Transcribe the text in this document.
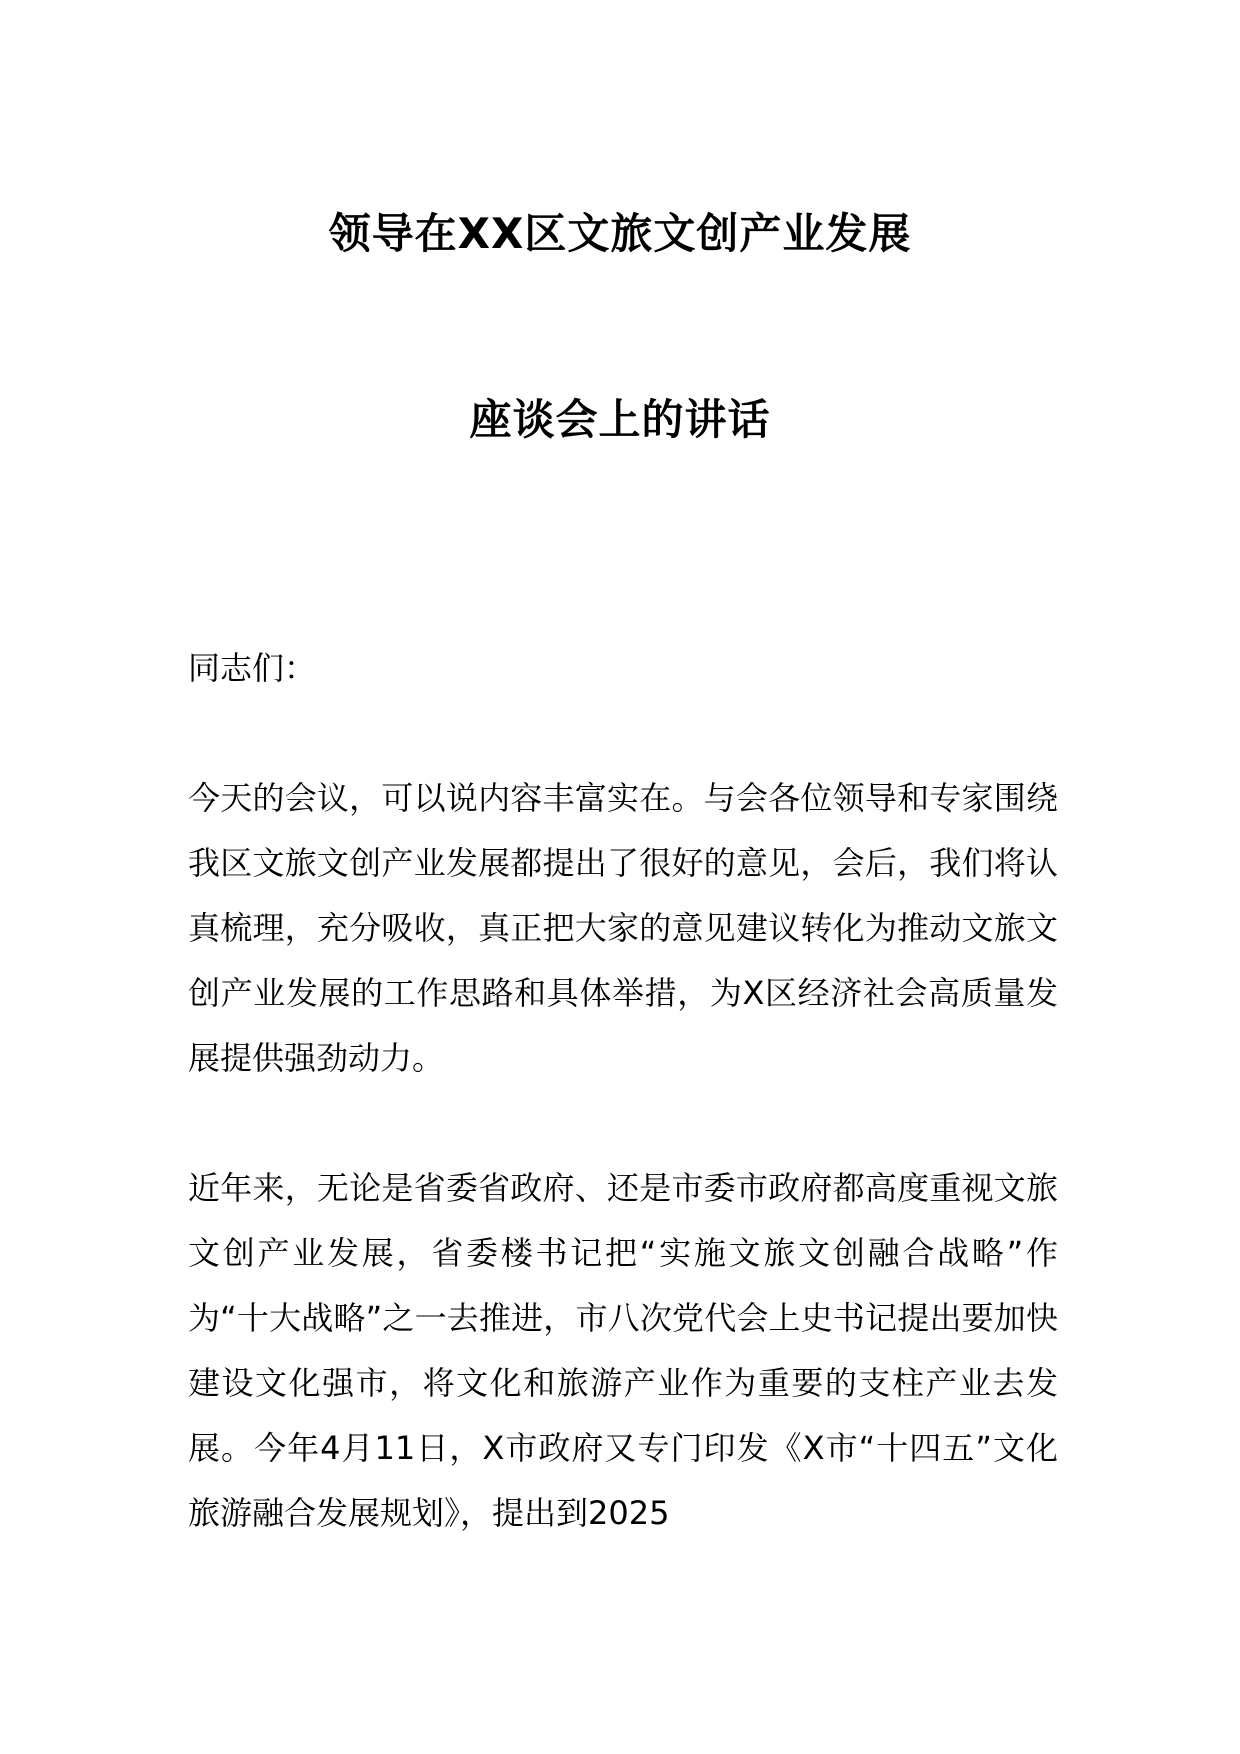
领导在XX区文旅文创产业发展
座谈会上的讲话

同志们：

今天的会议，可以说内容丰富实在。与会各位领导和专家围绕我区文旅文创产业发展都提出了很好的意见，会后，我们将认真梳理，充分吸收，真正把大家的意见建议转化为推动文旅文创产业发展的工作思路和具体举措，为X区经济社会高质量发展提供强劲动力。

近年来，无论是省委省政府、还是市委市政府都高度重视文旅文创产业发展，省委楼书记把“实施文旅文创融合战略”作为“十大战略”之一去推进，市八次党代会上史书记提出要加快建设文化强市，将文化和旅游产业作为重要的支柱产业去发展。今年4月11日，X市政府又专门印发《X市“十四五”文化旅游融合发展规划》，提出到2025
